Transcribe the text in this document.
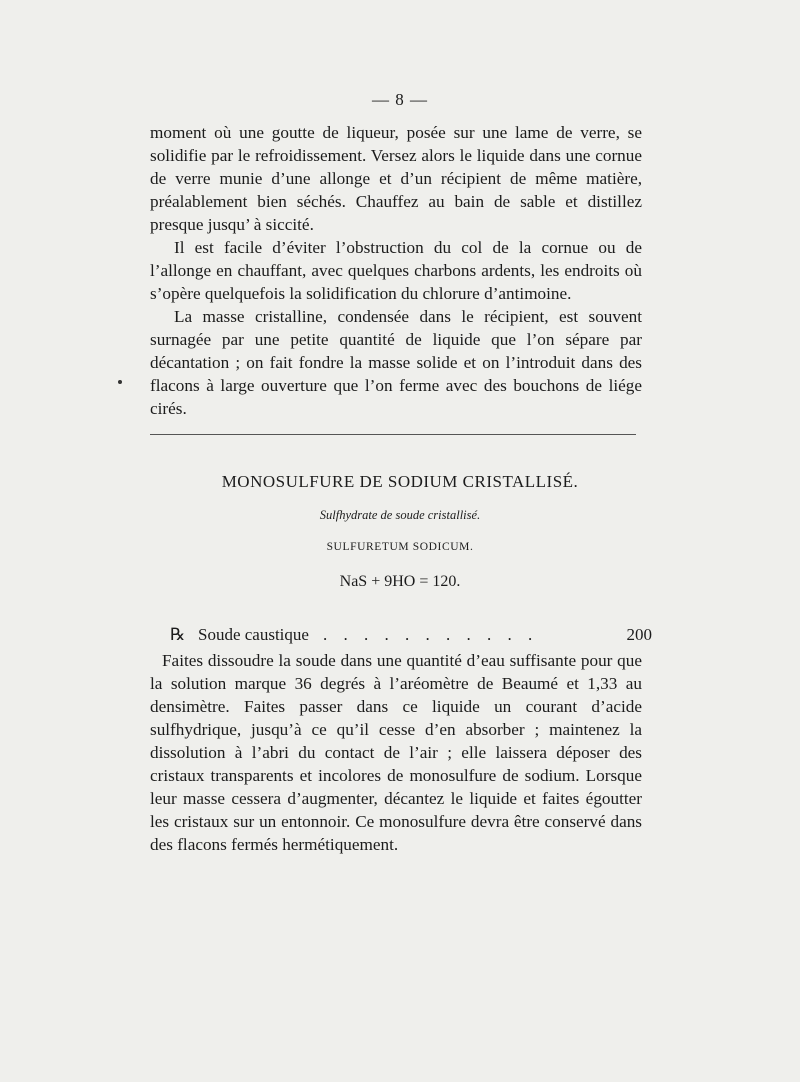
— 8 —

moment où une goutte de liqueur, posée sur une lame de verre, se solidifie par le refroidissement. Versez alors le liquide dans une cornue de verre munie d’une allonge et d’un récipient de même matière, préalablement bien séchés. Chauffez au bain de sable et distillez presque jusqu’ à siccité.

Il est facile d’éviter l’obstruction du col de la cornue ou de l’allonge en chauffant, avec quelques charbons ardents, les endroits où s’opère quelquefois la solidification du chlorure d’antimoine.

La masse cristalline, condensée dans le récipient, est souvent surnagée par une petite quantité de liquide que l’on sépare par décantation ; on fait fondre la masse solide et on l’introduit dans des flacons à large ouverture que l’on ferme avec des bouchons de liége cirés.

MONOSULFURE DE SODIUM CRISTALLISÉ.
Sulfhydrate de soude cristallisé.
SULFURETUM SODICUM.
NaS + 9HO = 120.
℞ Soude caustique . . . . . . . . . . .	200

Faites dissoudre la soude dans une quantité d’eau suffisante pour que la solution marque 36 degrés à l’aréomètre de Beaumé et 1,33 au densimètre. Faites passer dans ce liquide un courant d’acide sulfhydrique, jusqu’à ce qu’il cesse d’en absorber ; maintenez la dissolution à l’abri du contact de l’air ; elle laissera déposer des cristaux transparents et incolores de monosulfure de sodium. Lorsque leur masse cessera d’augmenter, décantez le liquide et faites égoutter les cristaux sur un entonnoir. Ce monosulfure devra être conservé dans des flacons fermés hermétiquement.
